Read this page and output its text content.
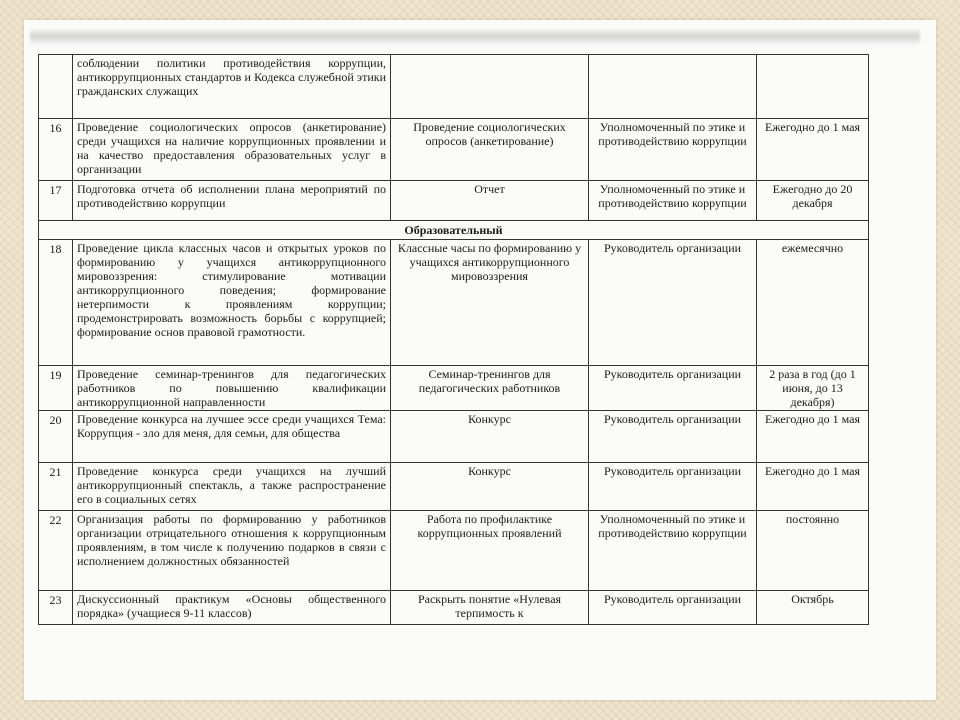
	соблюдении политики противодействия коррупции, антикоррупционных стандартов и Кодекса служебной этики гражданских служащих			
16	Проведение социологических опросов (анкетирование) среди учащихся на наличие коррупционных проявлении и на качество предоставления образовательных услуг в организации	Проведение социологических опросов (анкетирование)	Уполномоченный по этике и противодействию коррупции	Ежегодно до 1 мая
17	Подготовка отчета об исполнении плана мероприятий по противодействию коррупции	Отчет	Уполномоченный по этике и противодействию коррупции	Ежегодно до 20 декабря
Образовательный				
18	Проведение цикла классных часов и открытых уроков по формированию у учащихся антикоррупционного мировоззрения: стимулирование мотивации антикоррупционного поведения; формирование нетерпимости к проявлениям коррупции; продемонстрировать возможность борьбы с коррупцией; формирование основ правовой грамотности.	Классные часы по формированию у учащихся антикоррупционного мировоззрения	Руководитель организации	ежемесячно
19	Проведение семинар-тренингов для педагогических работников по повышению квалификации антикоррупционной направленности	Семинар-тренингов для педагогических работников	Руководитель организации	2 раза в год (до 1 июня, до 13 декабря)
20	Проведение конкурса на лучшее эссе среди учащихся Тема: Коррупция - зло для меня, для семьи, для общества	Конкурс	Руководитель организации	Ежегодно до 1 мая
21	Проведение конкурса среди учащихся на лучший антикоррупционный спектакль, а также распространение его в социальных сетях	Конкурс	Руководитель организации	Ежегодно до 1 мая
22	Организация работы по формированию у работников организации отрицательного отношения к коррупционным проявлениям, в том числе к получению подарков в связи с исполнением должностных обязанностей	Работа по профилактике коррупционных проявлений	Уполномоченный по этике и противодействию коррупции	постоянно
23	Дискуссионный практикум «Основы общественного порядка» (учащиеся 9-11 классов)	Раскрыть понятие «Нулевая терпимость к	Руководитель организации	Октябрь
